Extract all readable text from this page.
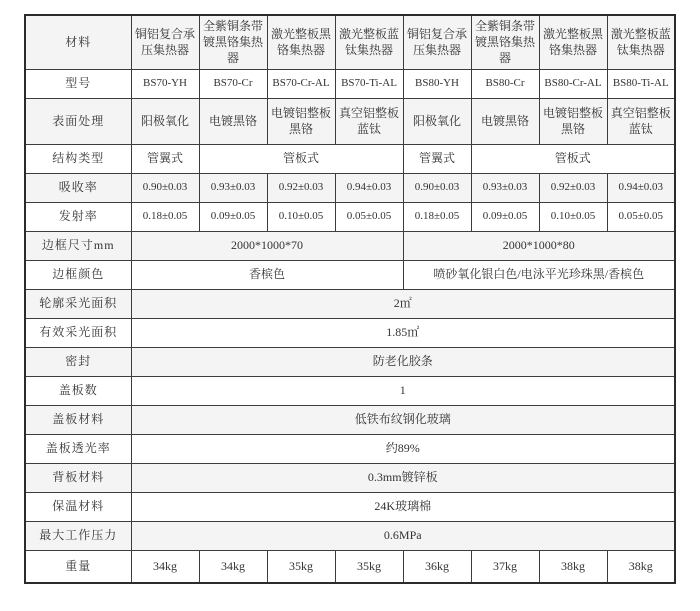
材料	铜铝复合承压集热器	全紫铜条带镀黑铬集热器	激光整板黑铬集热器	激光整板蓝钛集热器	铜铝复合承压集热器	全紫铜条带镀黑铬集热器	激光整板黑铬集热器	激光整板蓝钛集热器
型号	BS70-YH	BS70-Cr	BS70-Cr-AL	BS70-Ti-AL	BS80-YH	BS80-Cr	BS80-Cr-AL	BS80-Ti-AL
表面处理	阳极氧化	电镀黑铬	电镀铝整板黑铬	真空铝整板蓝钛	阳极氧化	电镀黑铬	电镀铝整板黑铬	真空铝整板蓝钛
结构类型	管翼式	管板式			管翼式	管板式		
吸收率	0.90±0.03	0.93±0.03	0.92±0.03	0.94±0.03	0.90±0.03	0.93±0.03	0.92±0.03	0.94±0.03
发射率	0.18±0.05	0.09±0.05	0.10±0.05	0.05±0.05	0.18±0.05	0.09±0.05	0.10±0.05	0.05±0.05
边框尺寸mm	2000*1000*70				2000*1000*80			
边框颜色	香槟色				喷砂氧化银白色/电泳平光珍珠黑/香槟色			
轮廓采光面积	2㎡							
有效采光面积	1.85㎡							
密封	防老化胶条							
盖板数	1							
盖板材料	低铁布纹钢化玻璃							
盖板透光率	约89%							
背板材料	0.3mm镀锌板							
保温材料	24K玻璃棉							
最大工作压力	0.6MPa							
重量	34kg	34kg	35kg	35kg	36kg	37kg	38kg	38kg
